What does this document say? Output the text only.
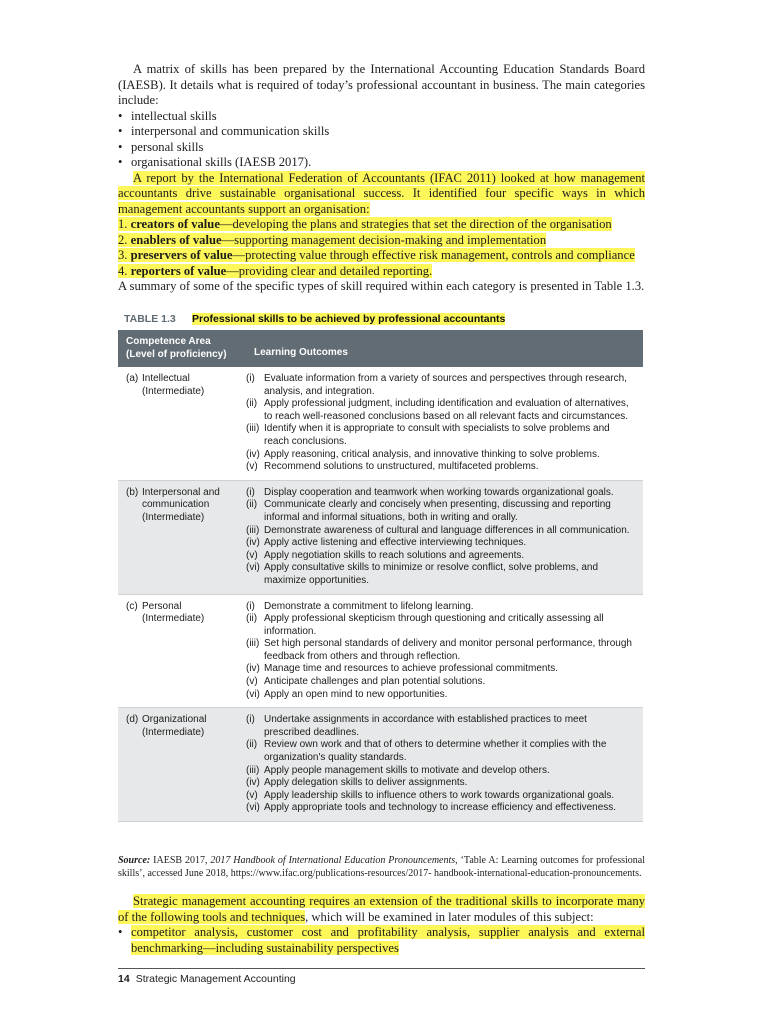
A matrix of skills has been prepared by the International Accounting Education Standards Board (IAESB). It details what is required of today’s professional accountant in business. The main categories include:

• intellectual skills
• interpersonal and communication skills
• personal skills
• organisational skills (IAESB 2017).

A report by the International Federation of Accountants (IFAC 2011) looked at how management accountants drive sustainable organisational success. It identified four specific ways in which management accountants support an organisation:

1. creators of value—developing the plans and strategies that set the direction of the organisation
2. enablers of value—supporting management decision-making and implementation
3. preservers of value—protecting value through effective risk management, controls and compliance
4. reporters of value—providing clear and detailed reporting.

A summary of some of the specific types of skill required within each category is presented in Table 1.3.

TABLE 1.3	Professional skills to be achieved by professional accountants
Competence Area
(Level of proficiency)	Learning Outcomes
(a) Intellectual
(Intermediate)
(i) Evaluate information from a variety of sources and perspectives through research, analysis, and integration.
(ii) Apply professional judgment, including identification and evaluation of alternatives, to reach well-reasoned conclusions based on all relevant facts and circumstances.
(iii) Identify when it is appropriate to consult with specialists to solve problems and reach conclusions.
(iv) Apply reasoning, critical analysis, and innovative thinking to solve problems.
(v) Recommend solutions to unstructured, multifaceted problems.
(b) Interpersonal and
communication
(Intermediate)
(i) Display cooperation and teamwork when working towards organizational goals.
(ii) Communicate clearly and concisely when presenting, discussing and reporting informal and informal situations, both in writing and orally.
(iii) Demonstrate awareness of cultural and language differences in all communication.
(iv) Apply active listening and effective interviewing techniques.
(v) Apply negotiation skills to reach solutions and agreements.
(vi) Apply consultative skills to minimize or resolve conflict, solve problems, and maximize opportunities.
(c) Personal
(Intermediate)
(i) Demonstrate a commitment to lifelong learning.
(ii) Apply professional skepticism through questioning and critically assessing all information.
(iii) Set high personal standards of delivery and monitor personal performance, through feedback from others and through reflection.
(iv) Manage time and resources to achieve professional commitments.
(v) Anticipate challenges and plan potential solutions.
(vi) Apply an open mind to new opportunities.
(d) Organizational
(Intermediate)
(i) Undertake assignments in accordance with established practices to meet prescribed deadlines.
(ii) Review own work and that of others to determine whether it complies with the organization's quality standards.
(iii) Apply people management skills to motivate and develop others.
(iv) Apply delegation skills to deliver assignments.
(v) Apply leadership skills to influence others to work towards organizational goals.
(vi) Apply appropriate tools and technology to increase efficiency and effectiveness.
Source: IAESB 2017, 2017 Handbook of International Education Pronouncements, ‘Table A: Learning outcomes for professional skills’, accessed June 2018, https://www.ifac.org/publications-resources/2017- handbook-international-education-pronouncements.

Strategic management accounting requires an extension of the traditional skills to incorporate many of the following tools and techniques, which will be examined in later modules of this subject:

• competitor analysis, customer cost and profitability analysis, supplier analysis and external benchmarking—including sustainability perspectives
14 Strategic Management Accounting
